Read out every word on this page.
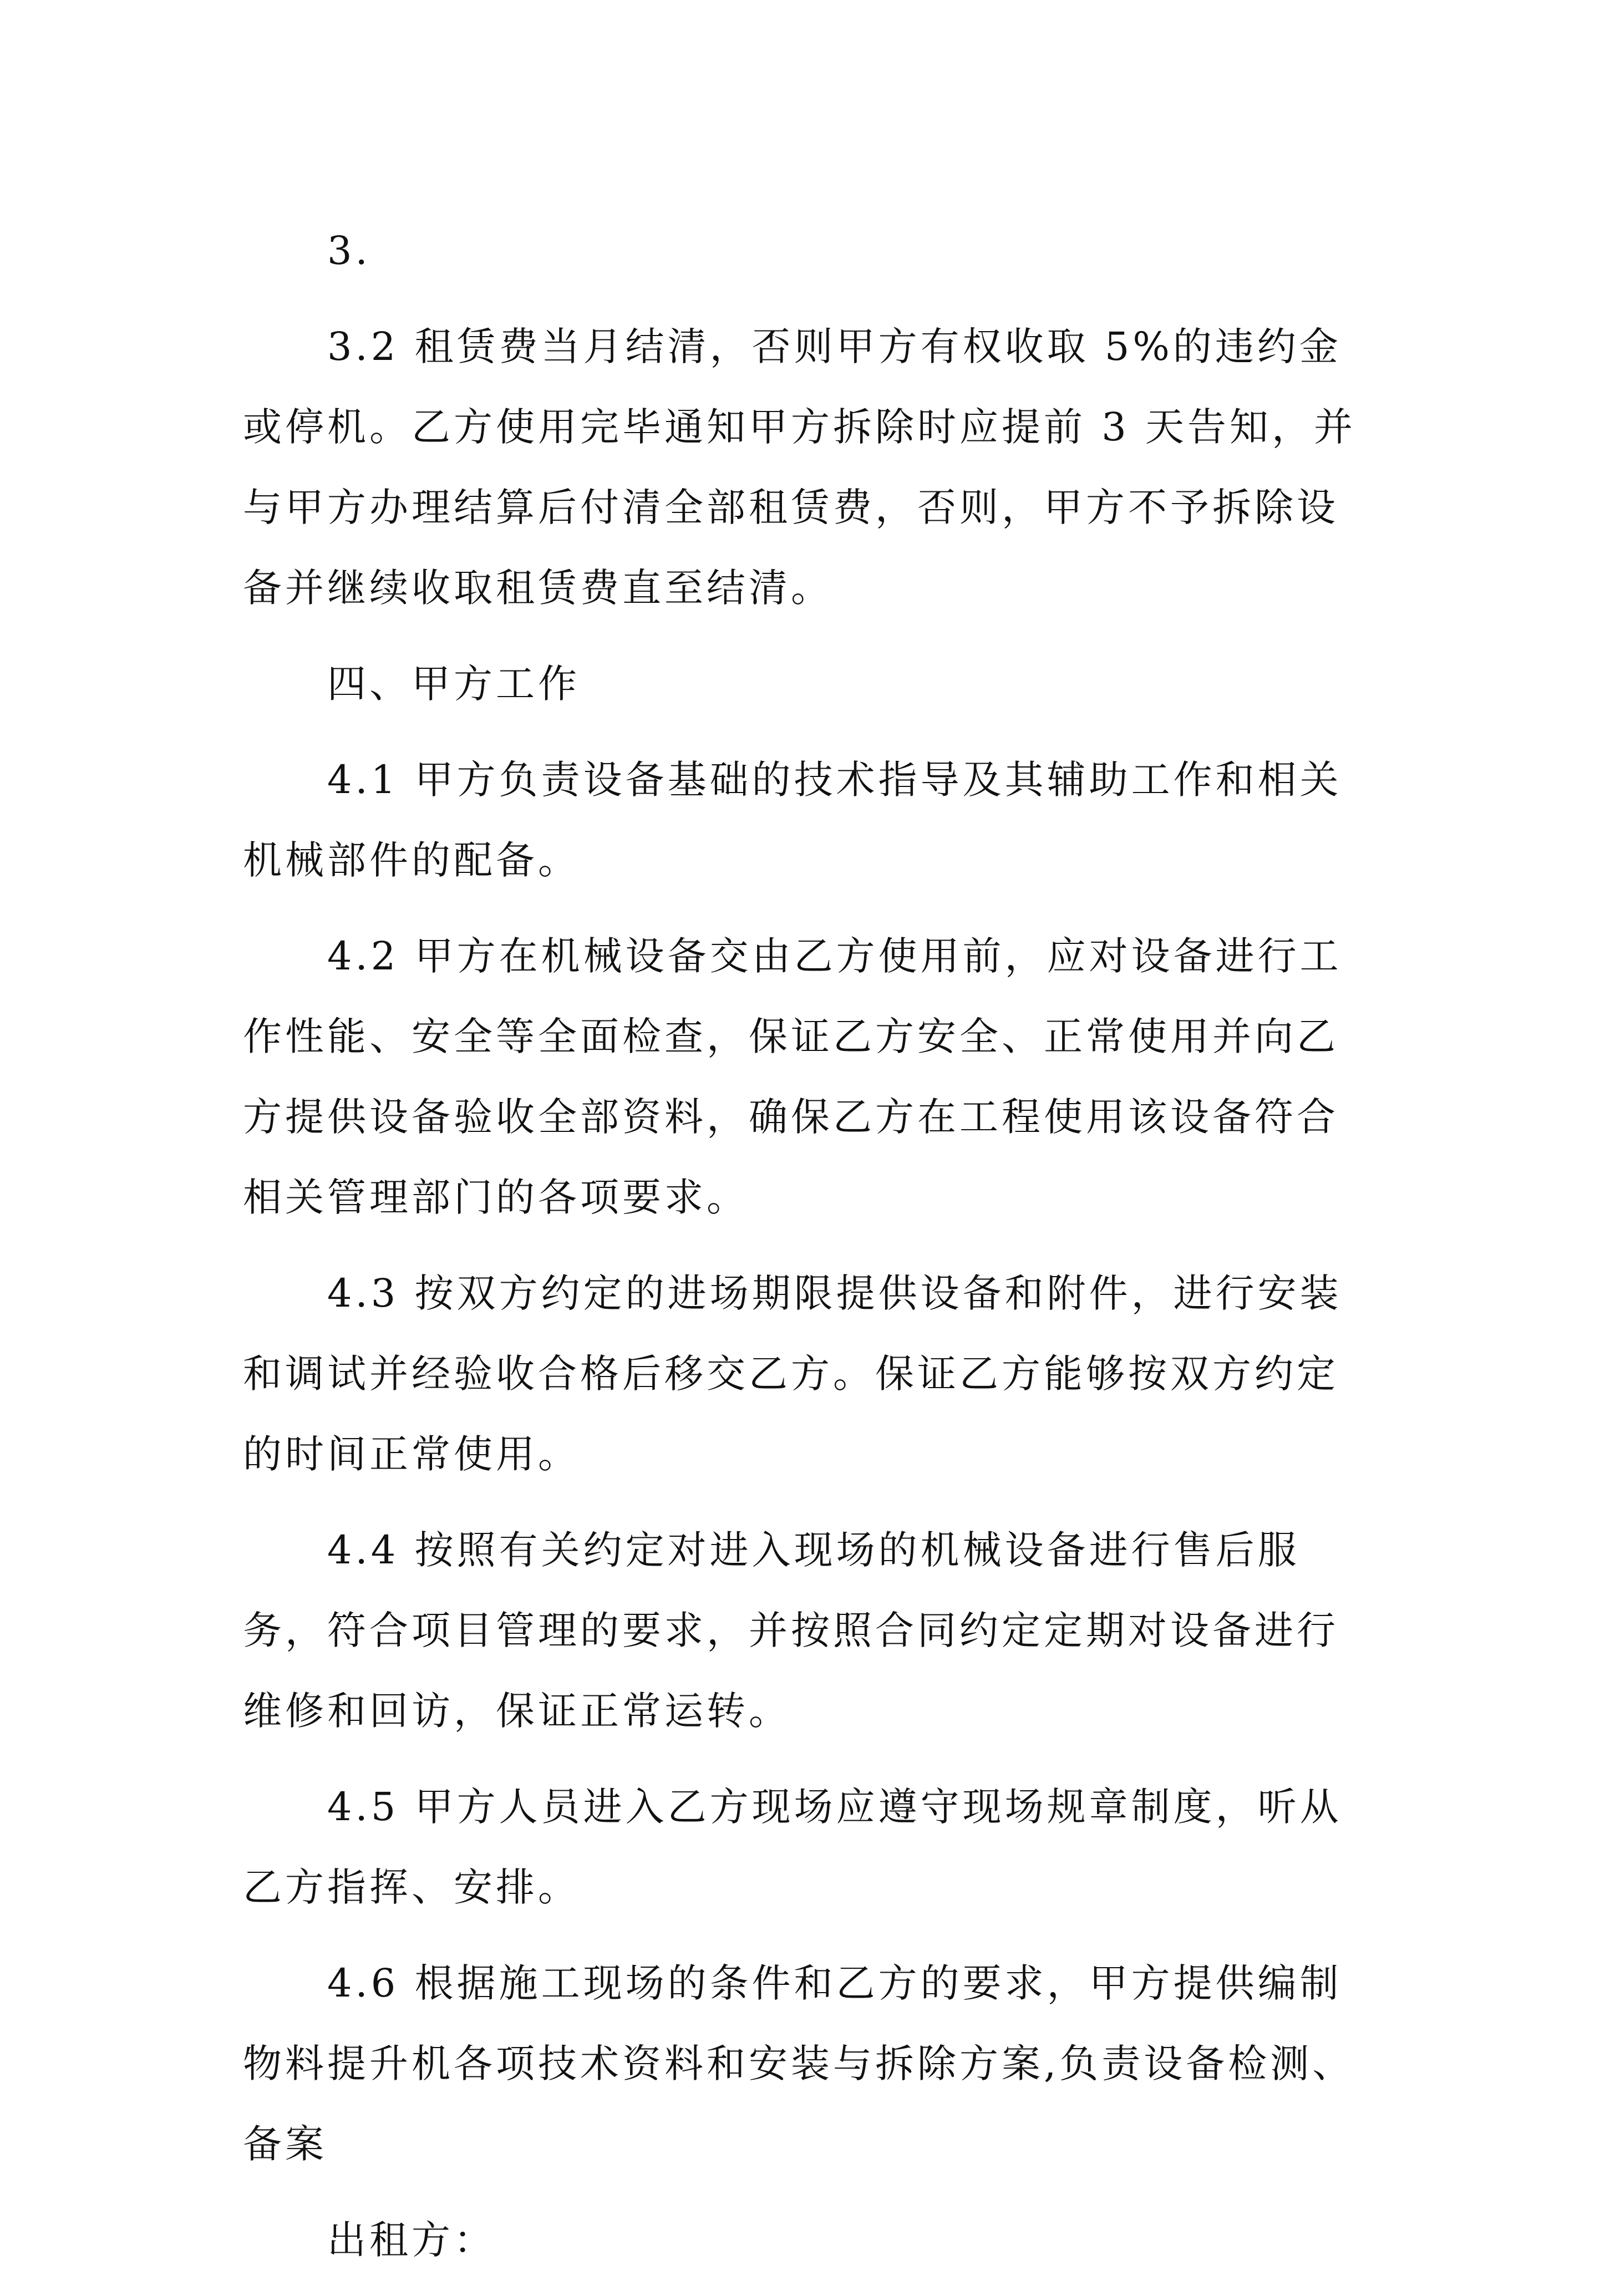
3.

3.2 租赁费当月结清，否则甲方有权收取 5%的违约金或停机。乙方使用完毕通知甲方拆除时应提前 3 天告知，并与甲方办理结算后付清全部租赁费，否则，甲方不予拆除设备并继续收取租赁费直至结清。

四、甲方工作

4.1 甲方负责设备基础的技术指导及其辅助工作和相关机械部件的配备。

4.2 甲方在机械设备交由乙方使用前，应对设备进行工作性能、安全等全面检查，保证乙方安全、正常使用并向乙方提供设备验收全部资料，确保乙方在工程使用该设备符合相关管理部门的各项要求。

4.3 按双方约定的进场期限提供设备和附件，进行安装和调试并经验收合格后移交乙方。保证乙方能够按双方约定的时间正常使用。

4.4 按照有关约定对进入现场的机械设备进行售后服务，符合项目管理的要求，并按照合同约定定期对设备进行维修和回访，保证正常运转。

4.5 甲方人员进入乙方现场应遵守现场规章制度，听从乙方指挥、安排。

4.6 根据施工现场的条件和乙方的要求，甲方提供编制物料提升机各项技术资料和安装与拆除方案,负责设备检测、备案

出租方：
